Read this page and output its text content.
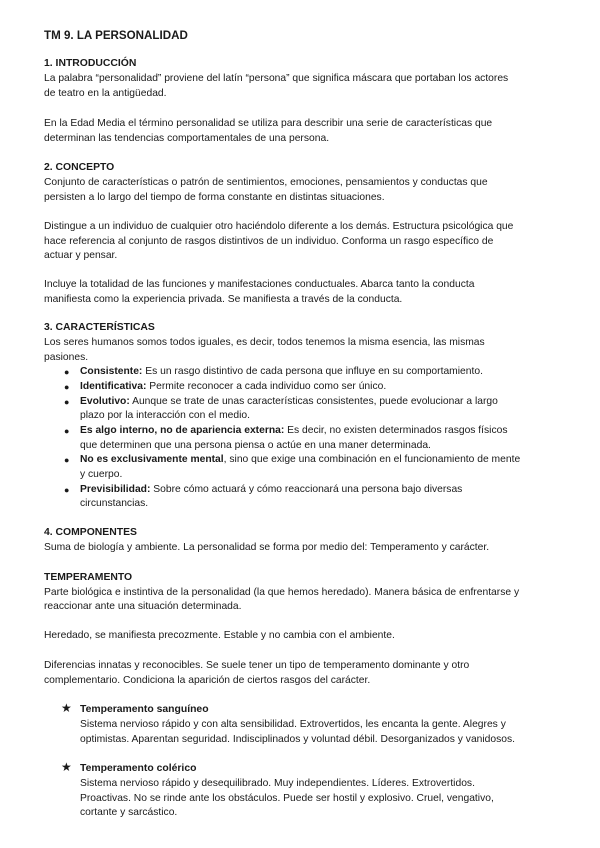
TM 9. LA PERSONALIDAD
1. INTRODUCCIÓN
La palabra “personalidad” proviene del latín “persona” que significa máscara que portaban los actores
de teatro en la antigüedad.
En la Edad Media el término personalidad se utiliza para describir una serie de características que
determinan las tendencias comportamentales de una persona.
2. CONCEPTO
Conjunto de características o patrón de sentimientos, emociones, pensamientos y conductas que
persisten a lo largo del tiempo de forma constante en distintas situaciones.
Distingue a un individuo de cualquier otro haciéndolo diferente a los demás. Estructura psicológica que
hace referencia al conjunto de rasgos distintivos de un individuo. Conforma un rasgo específico de
actuar y pensar.
Incluye la totalidad de las funciones y manifestaciones conductuales. Abarca tanto la conducta
manifiesta como la experiencia privada. Se manifiesta a través de la conducta.
3. CARACTERÍSTICAS
Los seres humanos somos todos iguales, es decir, todos tenemos la misma esencia, las mismas
pasiones.
● Consistente: Es un rasgo distintivo de cada persona que influye en su comportamiento.
● Identificativa: Permite reconocer a cada individuo como ser único.
● Evolutivo: Aunque se trate de unas características consistentes, puede evolucionar a largo
plazo por la interacción con el medio.
● Es algo interno, no de apariencia externa: Es decir, no existen determinados rasgos físicos
que determinen que una persona piensa o actúe en una maner determinada.
● No es exclusivamente mental, sino que exige una combinación en el funcionamiento de mente
y cuerpo.
● Previsibilidad: Sobre cómo actuará y cómo reaccionará una persona bajo diversas
circunstancias.
4. COMPONENTES
Suma de biología y ambiente. La personalidad se forma por medio del: Temperamento y carácter.
TEMPERAMENTO
Parte biológica e instintiva de la personalidad (la que hemos heredado). Manera básica de enfrentarse y
reaccionar ante una situación determinada.
Heredado, se manifiesta precozmente. Estable y no cambia con el ambiente.
Diferencias innatas y reconocibles. Se suele tener un tipo de temperamento dominante y otro
complementario. Condiciona la aparición de ciertos rasgos del carácter.
★ Temperamento sanguíneo
Sistema nervioso rápido y con alta sensibilidad. Extrovertidos, les encanta la gente. Alegres y
optimistas. Aparentan seguridad. Indisciplinados y voluntad débil. Desorganizados y vanidosos.
★ Temperamento colérico
Sistema nervioso rápido y desequilibrado. Muy independientes. Líderes. Extrovertidos.
Proactivas. No se rinde ante los obstáculos. Puede ser hostil y explosivo. Cruel, vengativo,
cortante y sarcástico.
